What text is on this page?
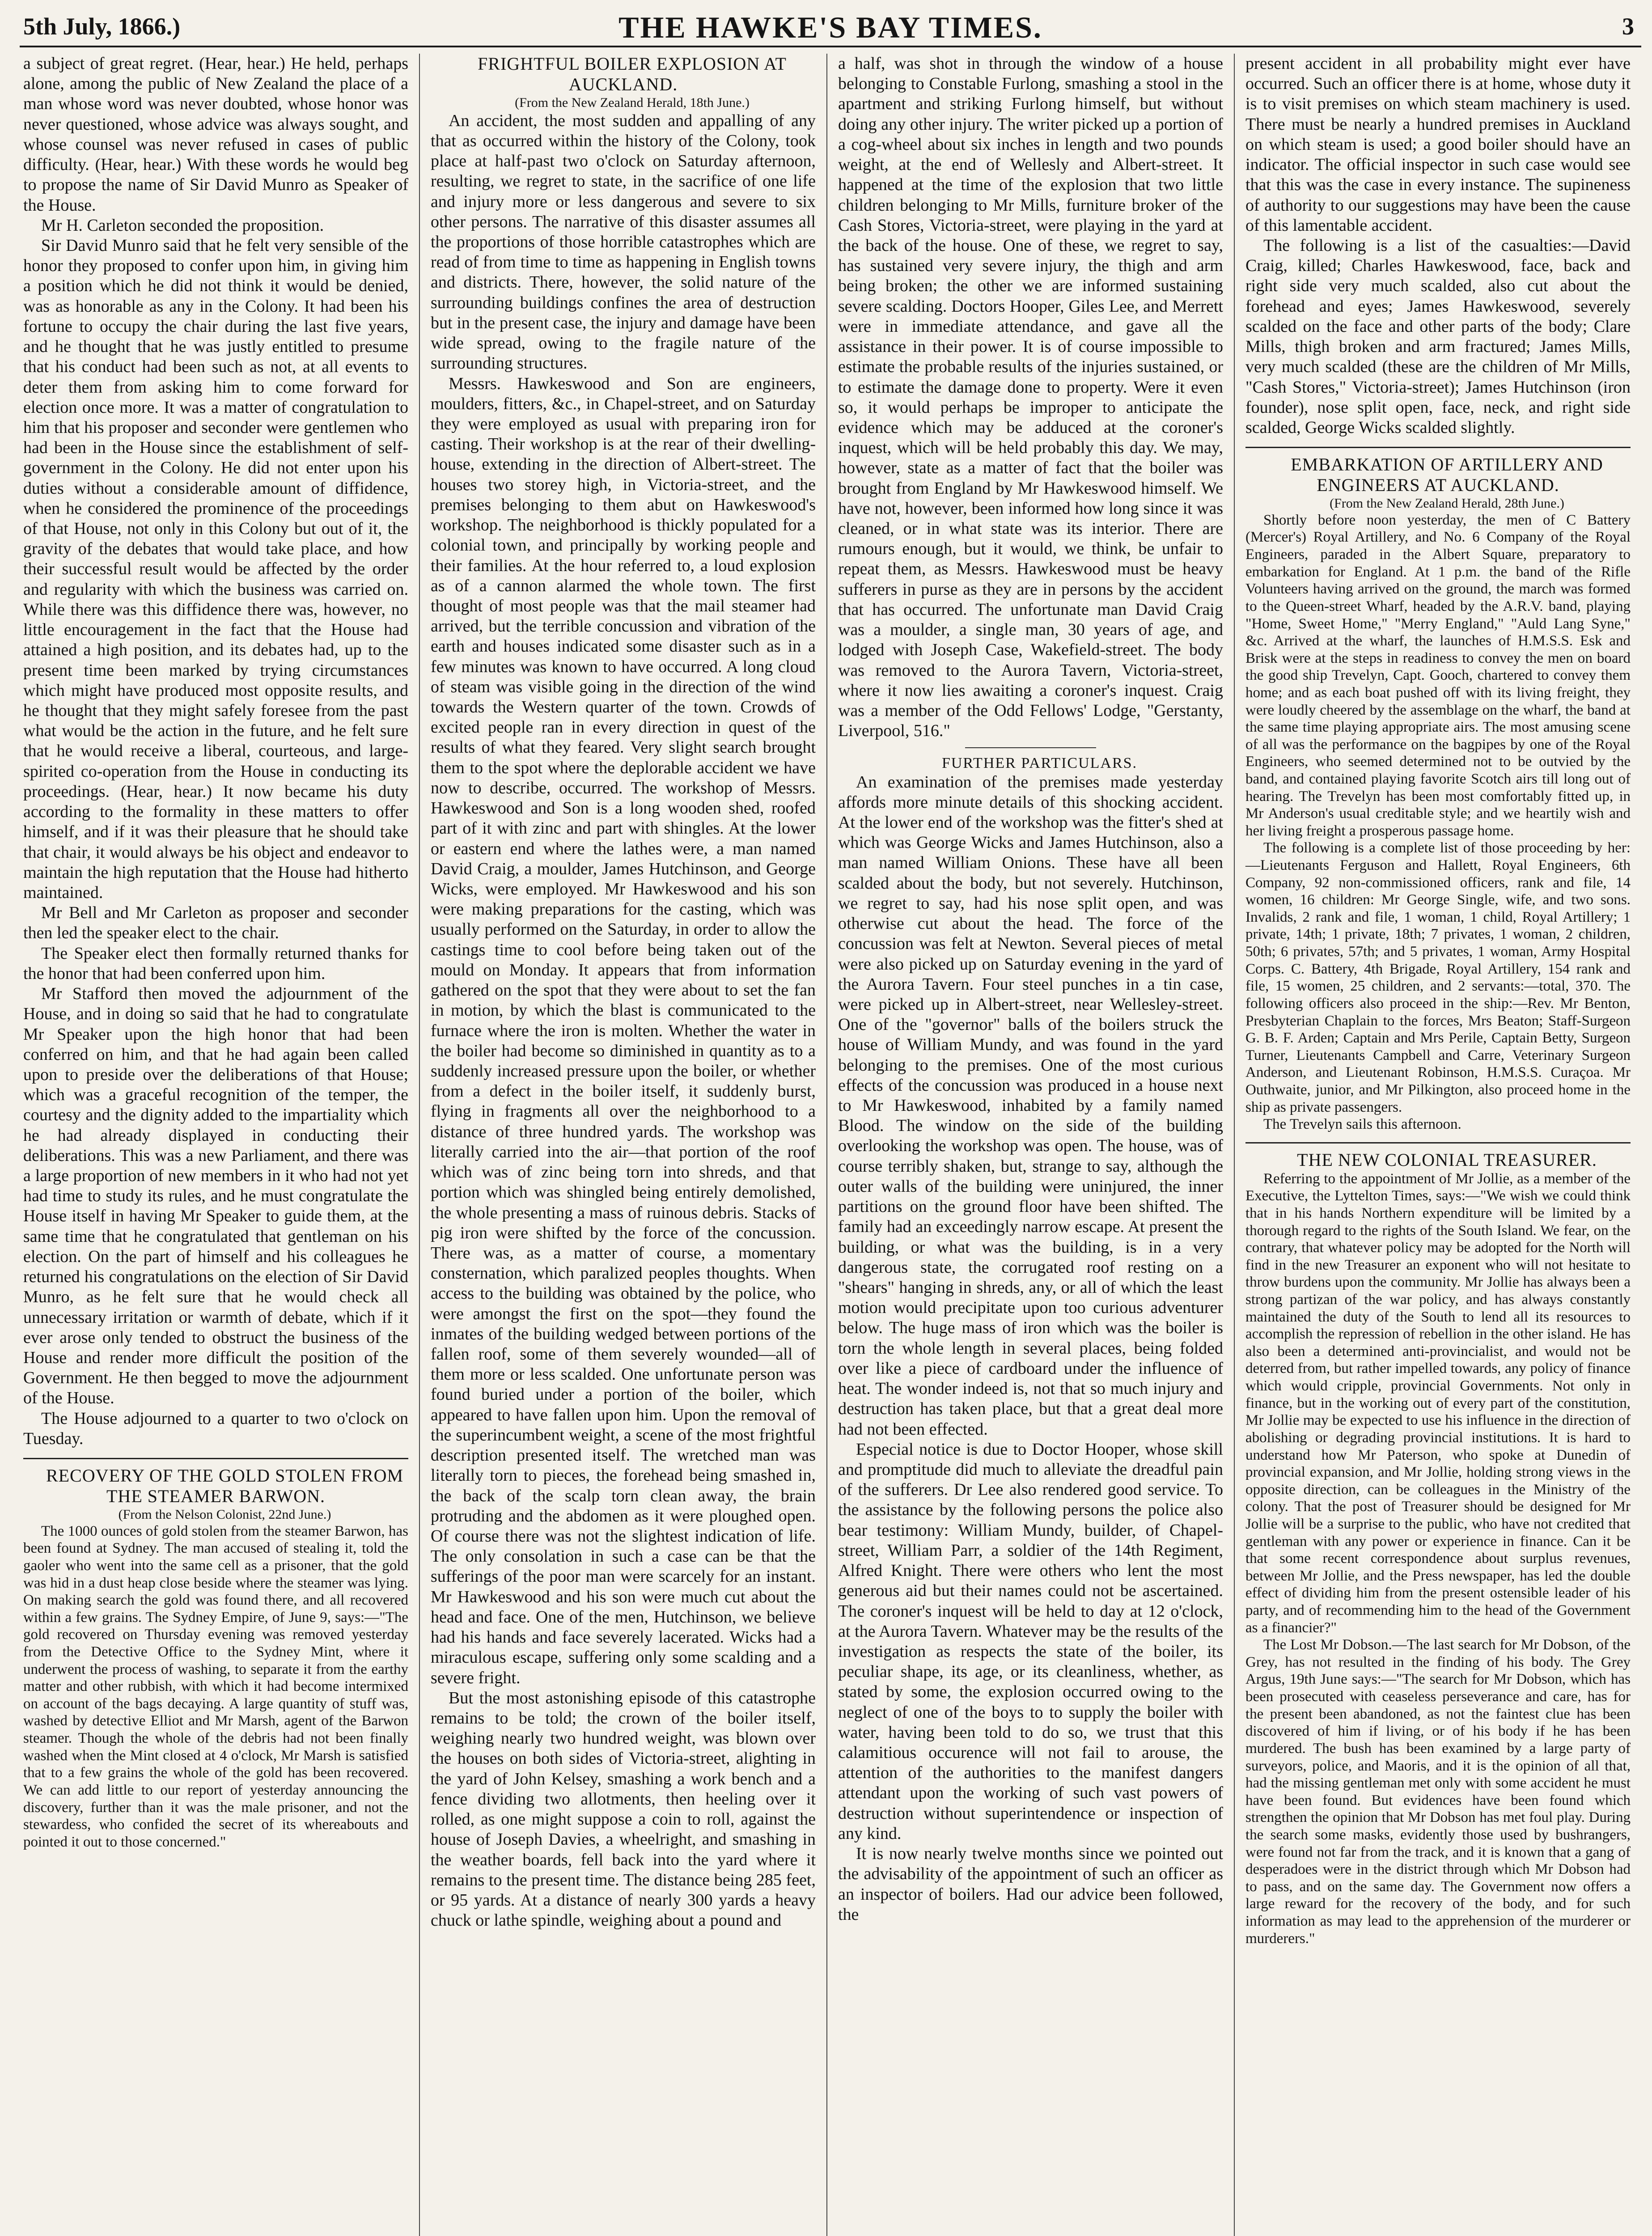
5th July, 1866.)	THE HAWKE'S BAY TIMES.	3

a subject of great regret. (Hear, hear.) He held, perhaps alone, among the public of New Zealand the place of a man whose word was never doubted, whose honor was never questioned, whose advice was always sought, and whose counsel was never refused in cases of public difficulty. (Hear, hear.) With these words he would beg to propose the name of Sir David Munro as Speaker of the House.

Mr H. Carleton seconded the proposition.

Sir David Munro said that he felt very sensible of the honor they proposed to confer upon him, in giving him a position which he did not think it would be denied, was as honorable as any in the Colony. It had been his fortune to occupy the chair during the last five years, and he thought that he was justly entitled to presume that his conduct had been such as not, at all events to deter them from asking him to come forward for election once more. It was a matter of congratulation to him that his proposer and seconder were gentlemen who had been in the House since the establishment of self-government in the Colony. He did not enter upon his duties without a considerable amount of diffidence, when he considered the prominence of the proceedings of that House, not only in this Colony but out of it, the gravity of the debates that would take place, and how their successful result would be affected by the order and regularity with which the business was carried on. While there was this diffidence there was, however, no little encouragement in the fact that the House had attained a high position, and its debates had, up to the present time been marked by trying circumstances which might have produced most opposite results, and he thought that they might safely foresee from the past what would be the action in the future, and he felt sure that he would receive a liberal, courteous, and large-spirited co-operation from the House in conducting its proceedings. (Hear, hear.) It now became his duty according to the formality in these matters to offer himself, and if it was their pleasure that he should take that chair, it would always be his object and endeavor to maintain the high reputation that the House had hitherto maintained.

Mr Bell and Mr Carleton as proposer and seconder then led the speaker elect to the chair.

The Speaker elect then formally returned thanks for the honor that had been conferred upon him.

Mr Stafford then moved the adjournment of the House, and in doing so said that he had to congratulate Mr Speaker upon the high honor that had been conferred on him, and that he had again been called upon to preside over the deliberations of that House; which was a graceful recognition of the temper, the courtesy and the dignity added to the impartiality which he had already displayed in conducting their deliberations. This was a new Parliament, and there was a large proportion of new members in it who had not yet had time to study its rules, and he must congratulate the House itself in having Mr Speaker to guide them, at the same time that he congratulated that gentleman on his election. On the part of himself and his colleagues he returned his congratulations on the election of Sir David Munro, as he felt sure that he would check all unnecessary irritation or warmth of debate, which if it ever arose only tended to obstruct the business of the House and render more difficult the position of the Government. He then begged to move the adjournment of the House.

The House adjourned to a quarter to two o'clock on Tuesday.

RECOVERY OF THE GOLD STOLEN FROM THE STEAMER BARWON.

(From the Nelson Colonist, 22nd June.)

The 1000 ounces of gold stolen from the steamer Barwon, has been found at Sydney. The man accused of stealing it, told the gaoler who went into the same cell as a prisoner, that the gold was hid in a dust heap close beside where the steamer was lying. On making search the gold was found there, and all recovered within a few grains. The Sydney Empire, of June 9, says:—"The gold recovered on Thursday evening was removed yesterday from the Detective Office to the Sydney Mint, where it underwent the process of washing, to separate it from the earthy matter and other rubbish, with which it had become intermixed on account of the bags decaying. A large quantity of stuff was, washed by detective Elliot and Mr Marsh, agent of the Barwon steamer. Though the whole of the debris had not been finally washed when the Mint closed at 4 o'clock, Mr Marsh is satisfied that to a few grains the whole of the gold has been recovered. We can add little to our report of yesterday announcing the discovery, further than it was the male prisoner, and not the stewardess, who confided the secret of its whereabouts and pointed it out to those concerned."

FRIGHTFUL BOILER EXPLOSION AT AUCKLAND.

(From the New Zealand Herald, 18th June.)

An accident, the most sudden and appalling of any that as occurred within the history of the Colony, took place at half-past two o'clock on Saturday afternoon, resulting, we regret to state, in the sacrifice of one life and injury more or less dangerous and severe to six other persons. The narrative of this disaster assumes all the proportions of those horrible catastrophes which are read of from time to time as happening in English towns and districts. There, however, the solid nature of the surrounding buildings confines the area of destruction but in the present case, the injury and damage have been wide spread, owing to the fragile nature of the surrounding structures.

Messrs. Hawkeswood and Son are engineers, moulders, fitters, &c., in Chapel-street, and on Saturday they were employed as usual with preparing iron for casting. Their workshop is at the rear of their dwelling-house, extending in the direction of Albert-street. The houses two storey high, in Victoria-street, and the premises belonging to them abut on Hawkeswood's workshop. The neighborhood is thickly populated for a colonial town, and principally by working people and their families. At the hour referred to, a loud explosion as of a cannon alarmed the whole town. The first thought of most people was that the mail steamer had arrived, but the terrible concussion and vibration of the earth and houses indicated some disaster such as in a few minutes was known to have occurred. A long cloud of steam was visible going in the direction of the wind towards the Western quarter of the town. Crowds of excited people ran in every direction in quest of the results of what they feared. Very slight search brought them to the spot where the deplorable accident we have now to describe, occurred. The workshop of Messrs. Hawkeswood and Son is a long wooden shed, roofed part of it with zinc and part with shingles. At the lower or eastern end where the lathes were, a man named David Craig, a moulder, James Hutchinson, and George Wicks, were employed. Mr Hawkeswood and his son were making preparations for the casting, which was usually performed on the Saturday, in order to allow the castings time to cool before being taken out of the mould on Monday. It appears that from information gathered on the spot that they were about to set the fan in motion, by which the blast is communicated to the furnace where the iron is molten. Whether the water in the boiler had become so diminished in quantity as to a suddenly increased pressure upon the boiler, or whether from a defect in the boiler itself, it suddenly burst, flying in fragments all over the neighborhood to a distance of three hundred yards. The workshop was literally carried into the air—that portion of the roof which was of zinc being torn into shreds, and that portion which was shingled being entirely demolished, the whole presenting a mass of ruinous debris. Stacks of pig iron were shifted by the force of the concussion. There was, as a matter of course, a momentary consternation, which paralized peoples thoughts. When access to the building was obtained by the police, who were amongst the first on the spot—they found the inmates of the building wedged between portions of the fallen roof, some of them severely wounded—all of them more or less scalded. One unfortunate person was found buried under a portion of the boiler, which appeared to have fallen upon him. Upon the removal of the superincumbent weight, a scene of the most frightful description presented itself. The wretched man was literally torn to pieces, the forehead being smashed in, the back of the scalp torn clean away, the brain protruding and the abdomen as it were ploughed open. Of course there was not the slightest indication of life. The only consolation in such a case can be that the sufferings of the poor man were scarcely for an instant. Mr Hawkeswood and his son were much cut about the head and face. One of the men, Hutchinson, we believe had his hands and face severely lacerated. Wicks had a miraculous escape, suffering only some scalding and a severe fright.

But the most astonishing episode of this catastrophe remains to be told; the crown of the boiler itself, weighing nearly two hundred weight, was blown over the houses on both sides of Victoria-street, alighting in the yard of John Kelsey, smashing a work bench and a fence dividing two allotments, then heeling over it rolled, as one might suppose a coin to roll, against the house of Joseph Davies, a wheelright, and smashing in the weather boards, fell back into the yard where it remains to the present time. The distance being 285 feet, or 95 yards. At a distance of nearly 300 yards a heavy chuck or lathe spindle, weighing about a pound and

a half, was shot in through the window of a house belonging to Constable Furlong, smashing a stool in the apartment and striking Furlong himself, but without doing any other injury. The writer picked up a portion of a cog-wheel about six inches in length and two pounds weight, at the end of Wellesly and Albert-street. It happened at the time of the explosion that two little children belonging to Mr Mills, furniture broker of the Cash Stores, Victoria-street, were playing in the yard at the back of the house. One of these, we regret to say, has sustained very severe injury, the thigh and arm being broken; the other we are informed sustaining severe scalding. Doctors Hooper, Giles Lee, and Merrett were in immediate attendance, and gave all the assistance in their power. It is of course impossible to estimate the probable results of the injuries sustained, or to estimate the damage done to property. Were it even so, it would perhaps be improper to anticipate the evidence which may be adduced at the coroner's inquest, which will be held probably this day. We may, however, state as a matter of fact that the boiler was brought from England by Mr Hawkeswood himself. We have not, however, been informed how long since it was cleaned, or in what state was its interior. There are rumours enough, but it would, we think, be unfair to repeat them, as Messrs. Hawkeswood must be heavy sufferers in purse as they are in persons by the accident that has occurred. The unfortunate man David Craig was a moulder, a single man, 30 years of age, and lodged with Joseph Case, Wakefield-street. The body was removed to the Aurora Tavern, Victoria-street, where it now lies awaiting a coroner's inquest. Craig was a member of the Odd Fellows' Lodge, "Gerstanty, Liverpool, 516."

FURTHER PARTICULARS.

An examination of the premises made yesterday affords more minute details of this shocking accident. At the lower end of the workshop was the fitter's shed at which was George Wicks and James Hutchinson, also a man named William Onions. These have all been scalded about the body, but not severely. Hutchinson, we regret to say, had his nose split open, and was otherwise cut about the head. The force of the concussion was felt at Newton. Several pieces of metal were also picked up on Saturday evening in the yard of the Aurora Tavern. Four steel punches in a tin case, were picked up in Albert-street, near Wellesley-street. One of the "governor" balls of the boilers struck the house of William Mundy, and was found in the yard belonging to the premises. One of the most curious effects of the concussion was produced in a house next to Mr Hawkeswood, inhabited by a family named Blood. The window on the side of the building overlooking the workshop was open. The house, was of course terribly shaken, but, strange to say, although the outer walls of the building were uninjured, the inner partitions on the ground floor have been shifted. The family had an exceedingly narrow escape. At present the building, or what was the building, is in a very dangerous state, the corrugated roof resting on a "shears" hanging in shreds, any, or all of which the least motion would precipitate upon too curious adventurer below. The huge mass of iron which was the boiler is torn the whole length in several places, being folded over like a piece of cardboard under the influence of heat. The wonder indeed is, not that so much injury and destruction has taken place, but that a great deal more had not been effected.

Especial notice is due to Doctor Hooper, whose skill and promptitude did much to alleviate the dreadful pain of the sufferers. Dr Lee also rendered good service. To the assistance by the following persons the police also bear testimony: William Mundy, builder, of Chapel-street, William Parr, a soldier of the 14th Regiment, Alfred Knight. There were others who lent the most generous aid but their names could not be ascertained. The coroner's inquest will be held to day at 12 o'clock, at the Aurora Tavern. Whatever may be the results of the investigation as respects the state of the boiler, its peculiar shape, its age, or its cleanliness, whether, as stated by some, the explosion occurred owing to the neglect of one of the boys to to supply the boiler with water, having been told to do so, we trust that this calamitious occurence will not fail to arouse, the attention of the authorities to the manifest dangers attendant upon the working of such vast powers of destruction without superintendence or inspection of any kind.

It is now nearly twelve months since we pointed out the advisability of the appointment of such an officer as an inspector of boilers. Had our advice been followed, the

present accident in all probability might ever have occurred. Such an officer there is at home, whose duty it is to visit premises on which steam machinery is used. There must be nearly a hundred premises in Auckland on which steam is used; a good boiler should have an indicator. The official inspector in such case would see that this was the case in every instance. The supineness of authority to our suggestions may have been the cause of this lamentable accident.

The following is a list of the casualties:—David Craig, killed; Charles Hawkeswood, face, back and right side very much scalded, also cut about the forehead and eyes; James Hawkeswood, severely scalded on the face and other parts of the body; Clare Mills, thigh broken and arm fractured; James Mills, very much scalded (these are the children of Mr Mills, "Cash Stores," Victoria-street); James Hutchinson (iron founder), nose split open, face, neck, and right side scalded, George Wicks scalded slightly.

EMBARKATION OF ARTILLERY AND ENGINEERS AT AUCKLAND.

(From the New Zealand Herald, 28th June.)

Shortly before noon yesterday, the men of C Battery (Mercer's) Royal Artillery, and No. 6 Company of the Royal Engineers, paraded in the Albert Square, preparatory to embarkation for England. At 1 p.m. the band of the Rifle Volunteers having arrived on the ground, the march was formed to the Queen-street Wharf, headed by the A.R.V. band, playing "Home, Sweet Home," "Merry England," "Auld Lang Syne," &c. Arrived at the wharf, the launches of H.M.S.S. Esk and Brisk were at the steps in readiness to convey the men on board the good ship Trevelyn, Capt. Gooch, chartered to convey them home; and as each boat pushed off with its living freight, they were loudly cheered by the assemblage on the wharf, the band at the same time playing appropriate airs. The most amusing scene of all was the performance on the bagpipes by one of the Royal Engineers, who seemed determined not to be outvied by the band, and contained playing favorite Scotch airs till long out of hearing. The Trevelyn has been most comfortably fitted up, in Mr Anderson's usual creditable style; and we heartily wish and her living freight a prosperous passage home.

The following is a complete list of those proceeding by her:—Lieutenants Ferguson and Hallett, Royal Engineers, 6th Company, 92 non-commissioned officers, rank and file, 14 women, 16 children: Mr George Single, wife, and two sons. Invalids, 2 rank and file, 1 woman, 1 child, Royal Artillery; 1 private, 14th; 1 private, 18th; 7 privates, 1 woman, 2 children, 50th; 6 privates, 57th; and 5 privates, 1 woman, Army Hospital Corps. C. Battery, 4th Brigade, Royal Artillery, 154 rank and file, 15 women, 25 children, and 2 servants:—total, 370. The following officers also proceed in the ship:—Rev. Mr Benton, Presbyterian Chaplain to the forces, Mrs Beaton; Staff-Surgeon G. B. F. Arden; Captain and Mrs Perile, Captain Betty, Surgeon Turner, Lieutenants Campbell and Carre, Veterinary Surgeon Anderson, and Lieutenant Robinson, H.M.S.S. Curaçoa. Mr Outhwaite, junior, and Mr Pilkington, also proceed home in the ship as private passengers.

The Trevelyn sails this afternoon.

THE NEW COLONIAL TREASURER.

Referring to the appointment of Mr Jollie, as a member of the Executive, the Lyttelton Times, says:—"We wish we could think that in his hands Northern expenditure will be limited by a thorough regard to the rights of the South Island. We fear, on the contrary, that whatever policy may be adopted for the North will find in the new Treasurer an exponent who will not hesitate to throw burdens upon the community. Mr Jollie has always been a strong partizan of the war policy, and has always constantly maintained the duty of the South to lend all its resources to accomplish the repression of rebellion in the other island. He has also been a determined anti-provincialist, and would not be deterred from, but rather impelled towards, any policy of finance which would cripple, provincial Governments. Not only in finance, but in the working out of every part of the constitution, Mr Jollie may be expected to use his influence in the direction of abolishing or degrading provincial institutions. It is hard to understand how Mr Paterson, who spoke at Dunedin of provincial expansion, and Mr Jollie, holding strong views in the opposite direction, can be colleagues in the Ministry of the colony. That the post of Treasurer should be designed for Mr Jollie will be a surprise to the public, who have not credited that gentleman with any power or experience in finance. Can it be that some recent correspondence about surplus revenues, between Mr Jollie, and the Press newspaper, has led the double effect of dividing him from the present ostensible leader of his party, and of recommending him to the head of the Government as a financier?"

The Lost Mr Dobson.—The last search for Mr Dobson, of the Grey, has not resulted in the finding of his body. The Grey Argus, 19th June says:—"The search for Mr Dobson, which has been prosecuted with ceaseless perseverance and care, has for the present been abandoned, as not the faintest clue has been discovered of him if living, or of his body if he has been murdered. The bush has been examined by a large party of surveyors, police, and Maoris, and it is the opinion of all that, had the missing gentleman met only with some accident he must have been found. But evidences have been found which strengthen the opinion that Mr Dobson has met foul play. During the search some masks, evidently those used by bushrangers, were found not far from the track, and it is known that a gang of desperadoes were in the district through which Mr Dobson had to pass, and on the same day. The Government now offers a large reward for the recovery of the body, and for such information as may lead to the apprehension of the murderer or murderers."
